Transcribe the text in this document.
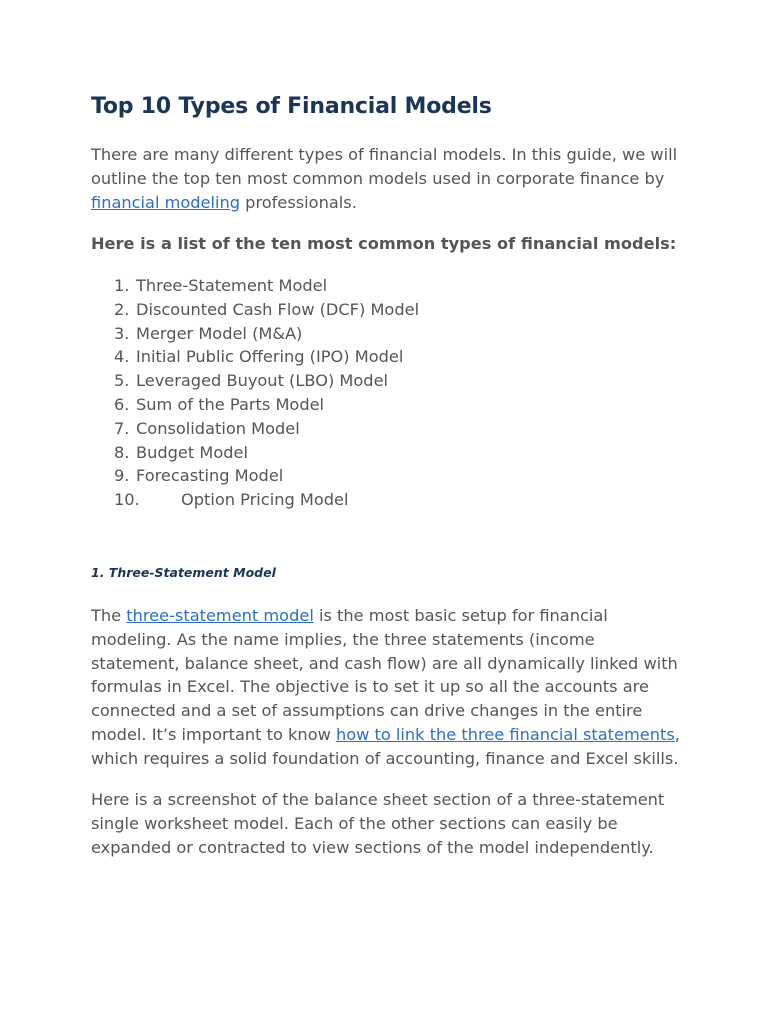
Top 10 Types of Financial Models

There are many different types of financial models. In this guide, we will outline the top ten most common models used in corporate finance by financial modeling professionals.

Here is a list of the ten most common types of financial models:

1. Three-Statement Model
2. Discounted Cash Flow (DCF) Model
3. Merger Model (M&A)
4. Initial Public Offering (IPO) Model
5. Leveraged Buyout (LBO) Model
6. Sum of the Parts Model
7. Consolidation Model
8. Budget Model
9. Forecasting Model
10.	Option Pricing Model
1. Three-Statement Model

The three-statement model is the most basic setup for financial modeling. As the name implies, the three statements (income statement, balance sheet, and cash flow) are all dynamically linked with formulas in Excel. The objective is to set it up so all the accounts are connected and a set of assumptions can drive changes in the entire model. It’s important to know how to link the three financial statements, which requires a solid foundation of accounting, finance and Excel skills.

Here is a screenshot of the balance sheet section of a three-statement single worksheet model. Each of the other sections can easily be expanded or contracted to view sections of the model independently.
